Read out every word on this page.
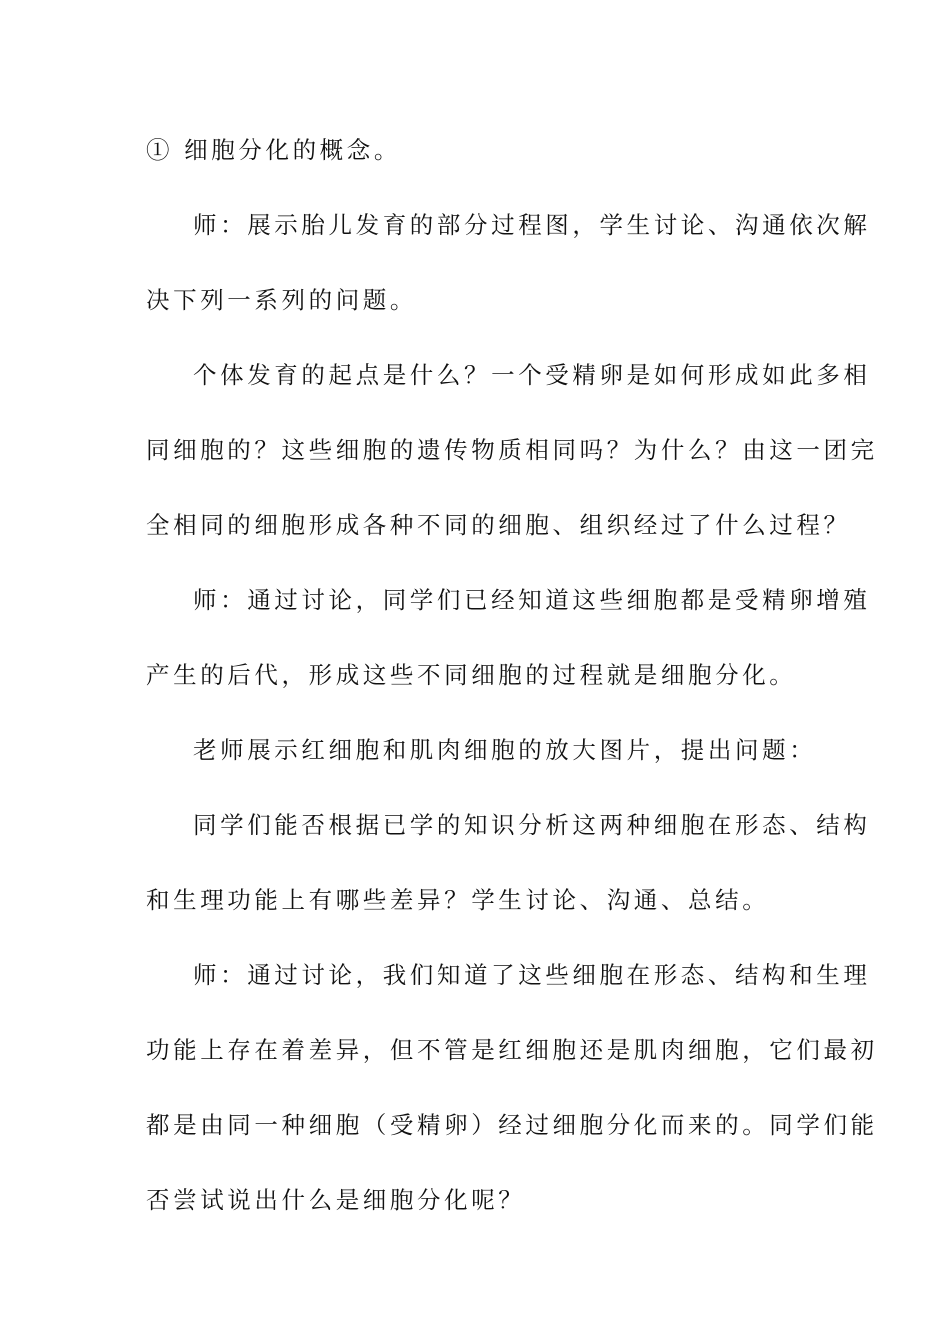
① 细胞分化的概念。
师：展示胎儿发育的部分过程图，学生讨论、沟通依次解
决下列一系列的问题。
个体发育的起点是什么？一个受精卵是如何形成如此多相
同细胞的？这些细胞的遗传物质相同吗？为什么？由这一团完
全相同的细胞形成各种不同的细胞、组织经过了什么过程？
师：通过讨论，同学们已经知道这些细胞都是受精卵增殖
产生的后代，形成这些不同细胞的过程就是细胞分化。
老师展示红细胞和肌肉细胞的放大图片，提出问题：
同学们能否根据已学的知识分析这两种细胞在形态、结构
和生理功能上有哪些差异？学生讨论、沟通、总结。
师：通过讨论，我们知道了这些细胞在形态、结构和生理
功能上存在着差异，但不管是红细胞还是肌肉细胞，它们最初
都是由同一种细胞（受精卵）经过细胞分化而来的。同学们能
否尝试说出什么是细胞分化呢？
